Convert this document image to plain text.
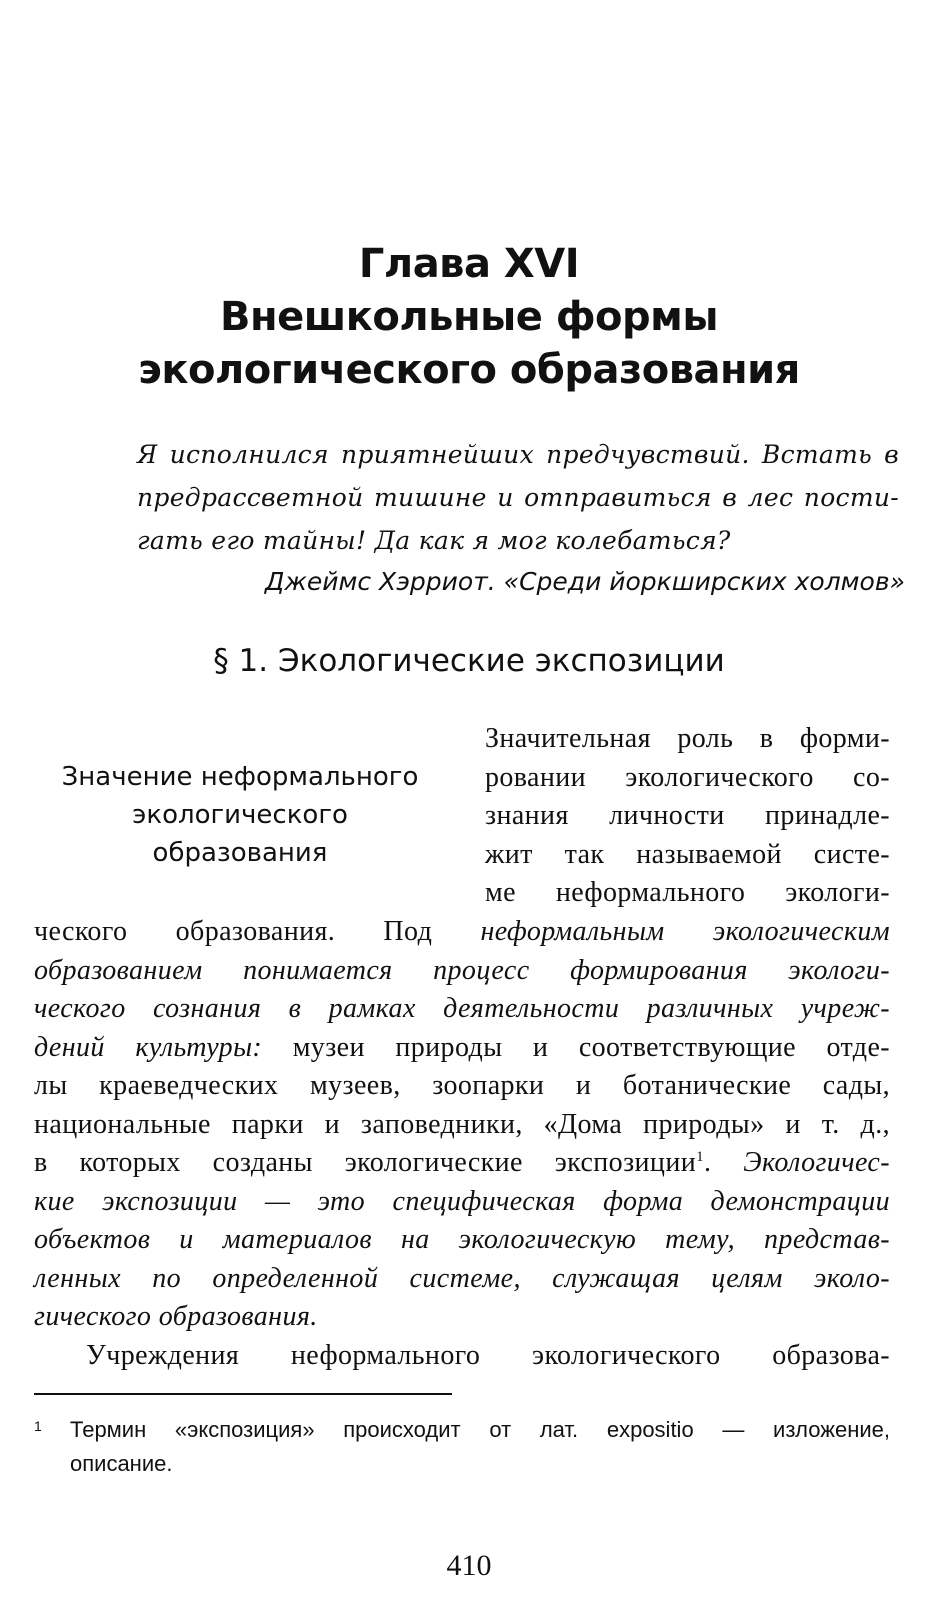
Глава XVI
Внешкольные формы
экологического образования
Я исполнился приятнейших предчувствий. Встать в
предрассветной тишине и отправиться в лес пости-
гать его тайны! Да как я мог колебаться?
Джеймс Хэрриот. «Среди йоркширских холмов»
§ 1. Экологические экспозиции
Значение неформального
экологического
образования
Значительная роль в форми-
ровании экологического со-
знания личности принадле-
жит так называемой систе-
ме неформального экологи-
ческого образования. Под неформальным экологическим
образованием понимается процесс формирования экологи-
ческого сознания в рамках деятельности различных учреж-
дений культуры: музеи природы и соответствующие отде-
лы краеведческих музеев, зоопарки и ботанические сады,
национальные парки и заповедники, «Дома природы» и т. д.,
в которых созданы экологические экспозиции$^1$. Экологичес-
кие экспозиции — это специфическая форма демонстрации
объектов и материалов на экологическую тему, представ-
ленных по определенной системе, служащая целям эколо-
гического образования.
Учреждения неформального экологического образова-
1 Термин «экспозиция» происходит от лат. expositio — изложение,
описание.
410
